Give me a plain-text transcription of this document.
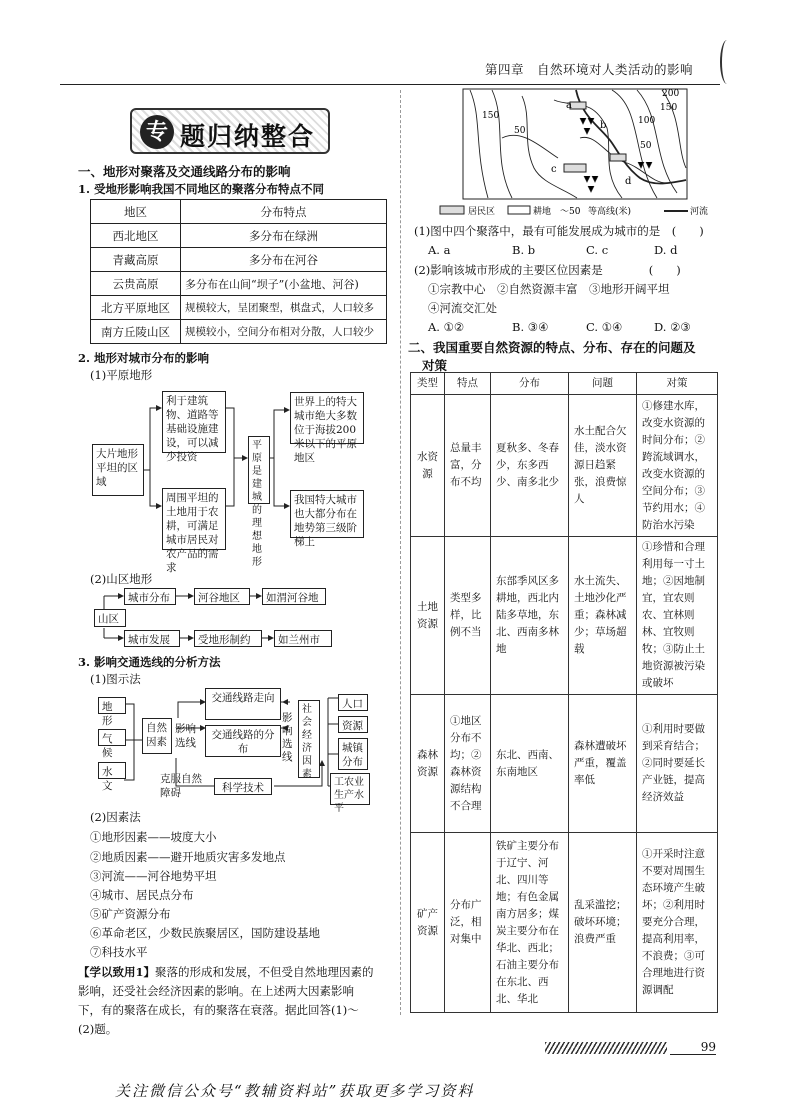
第四章　自然环境对人类活动的影响
专 题归纳整合
一、地形对聚落及交通线路分布的影响
1. 受地形影响我国不同地区的聚落分布特点不同
地区	分布特点
西北地区	多分布在绿洲
青藏高原	多分布在河谷
云贵高原	多分布在山间“坝子”(小盆地、河谷)
北方平原地区	规模较大，呈团聚型，棋盘式，人口较多
南方丘陵山区	规模较小，空间分布相对分散，人口较少
2. 地形对城市分布的影响
(1)平原地形
大片地形平坦的区域
利于建筑物、道路等基础设施建设，可以减少投资
周围平坦的土地用于农耕，可满足城市居民对农产品的需求
平原是建城的理想地形
世界上的特大城市绝大多数位于海拔200米以下的平原地区
我国特大城市也大都分布在地势第三级阶梯上
(2)山区地形
山区
城市分布	河谷地区	如渭河谷地
城市发展	受地形制约	如兰州市
3. 影响交通选线的分析方法
(1)图示法
地形
气候
水文
自然因素
影响选线
交通线路走向
交通线路的分布
影响选线
社会经济因素
人口
资源
城镇分布
工农业生产水平
克服自然障碍	科学技术
(2)因素法
①地形因素——坡度大小
②地质因素——避开地质灾害多发地点
③河流——河谷地势平坦
④城市、居民点分布
⑤矿产资源分布
⑥革命老区，少数民族聚居区，国防建设基地
⑦科技水平
【学以致用1】聚落的形成和发展，不但受自然地理因素的
影响，还受社会经济因素的影响。在上述两大因素影响
下，有的聚落在成长，有的聚落在衰落。据此回答(1)～
(2)题。
150
50
50
100
150
200
a
b
c
d
居民区	耕地 ～50 等高线(米)	河流
(1)图中四个聚落中，最有可能发展成为城市的是　(　　)
A. a	B. b	C. c	D. d
(2)影响该城市形成的主要区位因素是　　　　(　　)
①宗教中心　②自然资源丰富　③地形开阔平坦
④河流交汇处
A. ①②	B. ③④	C. ①④	D. ②③
二、我国重要自然资源的特点、分布、存在的问题及
对策
类型	特点	分布	问题	对策
水资源	总量丰富，分布不均	夏秋多、冬春少，东多西少、南多北少	水土配合欠佳，淡水资源日趋紧张，浪费惊人	①修建水库，改变水资源的时间分布；②跨流域调水，改变水资源的空间分布；③节约用水；④防治水污染
土地资源	类型多样，比例不当	东部季风区多耕地，西北内陆多草地，东北、西南多林地	水土流失、土地沙化严重；森林减少；草场超载	①珍惜和合理利用每一寸土地；②因地制宜，宜农则农、宜林则林、宜牧则牧；③防止土地资源被污染或破坏
森林资源	①地区分布不均；②森林资源结构不合理	东北、西南、东南地区	森林遭破坏严重，覆盖率低	①利用时要做到采育结合；②同时要延长产业链，提高经济效益
矿产资源	分布广泛，相对集中	铁矿主要分布于辽宁、河北、四川等地；有色金属南方居多；煤炭主要分布在华北、西北；石油主要分布在东北、西北、华北	乱采滥挖；破坏环境；浪费严重	①开采时注意不要对周围生态环境产生破坏；②利用时要充分合理，提高利用率，不浪费；③可合理地进行资源调配
99
关注微信公众号“教辅资料站”获取更多学习资料
